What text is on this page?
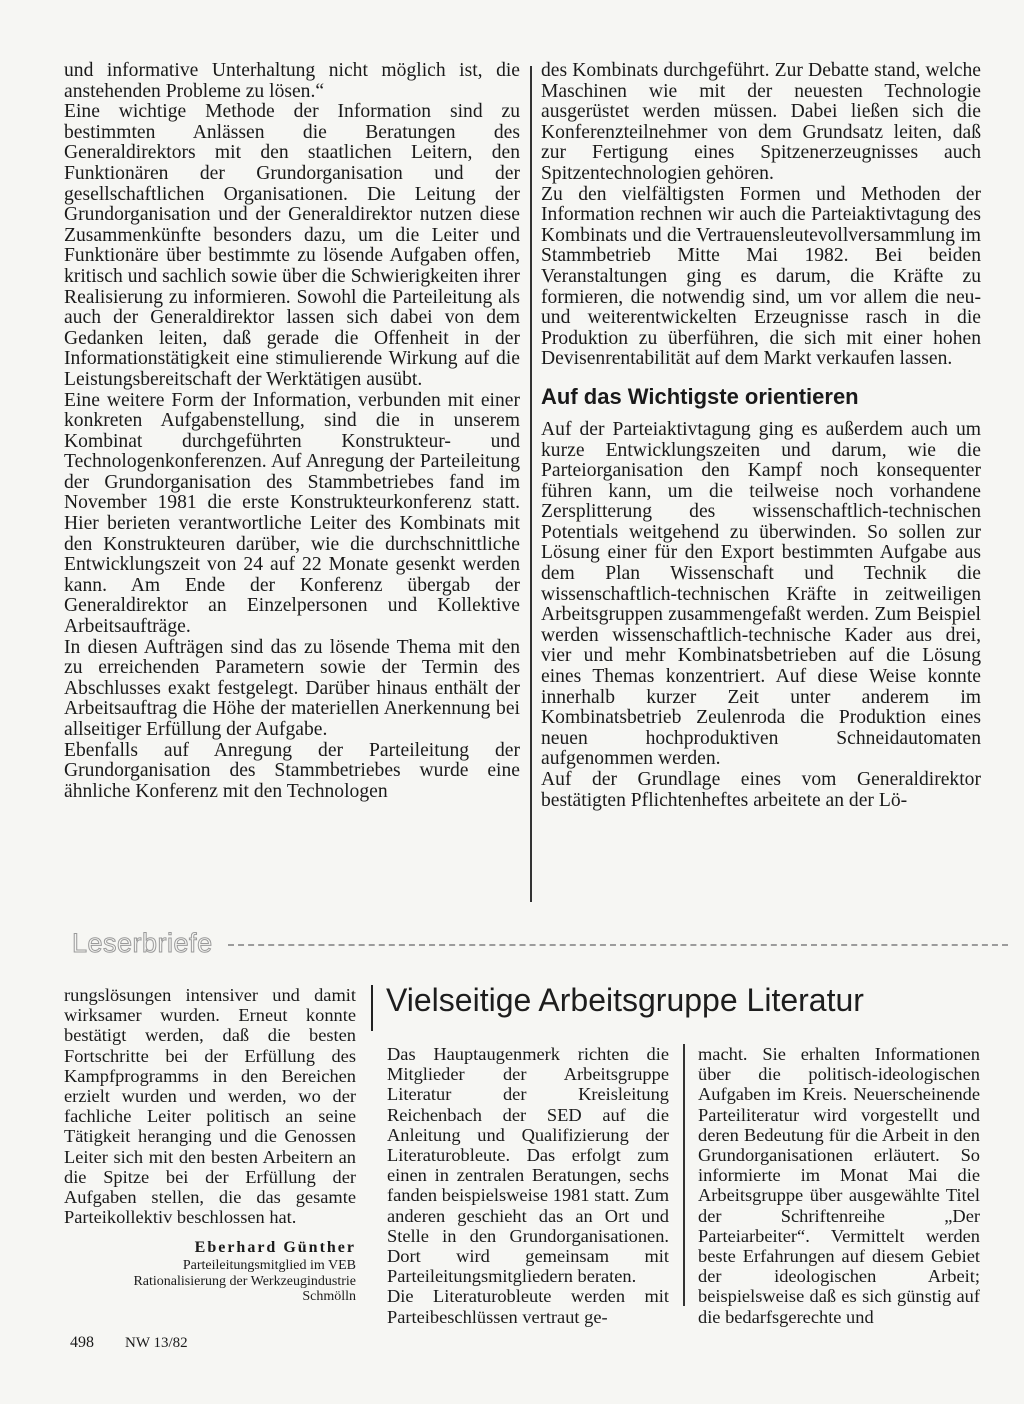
und informative Unterhaltung nicht möglich ist, die anstehenden Probleme zu lösen.“

Eine wichtige Methode der Information sind zu bestimmten Anlässen die Beratungen des Generaldirektors mit den staatlichen Leitern, den Funktionären der Grundorganisation und der gesellschaftlichen Organisationen. Die Leitung der Grundorganisation und der Generaldirektor nutzen diese Zusammenkünfte besonders dazu, um die Leiter und Funktionäre über bestimmte zu lösende Aufgaben offen, kritisch und sachlich sowie über die Schwierigkeiten ihrer Realisierung zu informieren. Sowohl die Parteileitung als auch der Generaldirektor lassen sich dabei von dem Gedanken leiten, daß gerade die Offenheit in der Informationstätigkeit eine stimulierende Wirkung auf die Leistungsbereitschaft der Werktätigen ausübt.

Eine weitere Form der Information, verbunden mit einer konkreten Aufgabenstellung, sind die in unserem Kombinat durchgeführten Konstrukteur- und Technologenkonferenzen. Auf Anregung der Parteileitung der Grundorganisation des Stammbetriebes fand im November 1981 die erste Konstrukteurkonferenz statt. Hier berieten verantwortliche Leiter des Kombinats mit den Konstrukteuren darüber, wie die durchschnittliche Entwicklungszeit von 24 auf 22 Monate gesenkt werden kann. Am Ende der Konferenz übergab der Generaldirektor an Einzelpersonen und Kollektive Arbeitsaufträge.

In diesen Aufträgen sind das zu lösende Thema mit den zu erreichenden Parametern sowie der Termin des Abschlusses exakt festgelegt. Darüber hinaus enthält der Arbeitsauftrag die Höhe der materiellen Anerkennung bei allseitiger Erfüllung der Aufgabe.

Ebenfalls auf Anregung der Parteileitung der Grundorganisation des Stammbetriebes wurde eine ähnliche Konferenz mit den Technologen

des Kombinats durchgeführt. Zur Debatte stand, welche Maschinen wie mit der neuesten Technologie ausgerüstet werden müssen. Dabei ließen sich die Konferenzteilnehmer von dem Grundsatz leiten, daß zur Fertigung eines Spitzenerzeugnisses auch Spitzentechnologien gehören.

Zu den vielfältigsten Formen und Methoden der Information rechnen wir auch die Parteiaktivtagung des Kombinats und die Vertrauensleutevollversammlung im Stammbetrieb Mitte Mai 1982. Bei beiden Veranstaltungen ging es darum, die Kräfte zu formieren, die notwendig sind, um vor allem die neu- und weiterentwickelten Erzeugnisse rasch in die Produktion zu überführen, die sich mit einer hohen Devisenrentabilität auf dem Markt verkaufen lassen.

Auf das Wichtigste orientieren

Auf der Parteiaktivtagung ging es außerdem auch um kurze Entwicklungszeiten und darum, wie die Parteiorganisation den Kampf noch konsequenter führen kann, um die teilweise noch vorhandene Zersplitterung des wissenschaftlich-technischen Potentials weitgehend zu überwinden. So sollen zur Lösung einer für den Export bestimmten Aufgabe aus dem Plan Wissenschaft und Technik die wissenschaftlich-technischen Kräfte in zeitweiligen Arbeitsgruppen zusammengefaßt werden. Zum Beispiel werden wissenschaftlich-technische Kader aus drei, vier und mehr Kombinatsbetrieben auf die Lösung eines Themas konzentriert. Auf diese Weise konnte innerhalb kurzer Zeit unter anderem im Kombinatsbetrieb Zeulenroda die Produktion eines neuen hochproduktiven Schneidautomaten aufgenommen werden.

Auf der Grundlage eines vom Generaldirektor bestätigten Pflichtenheftes arbeitete an der Lö-

Leserbriefe

rungslösungen intensiver und damit wirksamer wurden. Erneut konnte bestätigt werden, daß die besten Fortschritte bei der Erfüllung des Kampfprogramms in den Bereichen erzielt wurden und werden, wo der fachliche Leiter politisch an seine Tätigkeit heranging und die Genossen Leiter sich mit den besten Arbeitern an die Spitze bei der Erfüllung der Aufgaben stellen, die das gesamte Parteikollektiv beschlossen hat.

Eberhard Günther
Parteileitungsmitglied im VEB
Rationalisierung der Werkzeugindustrie
Schmölln
Vielseitige Arbeitsgruppe Literatur

Das Hauptaugenmerk richten die Mitglieder der Arbeitsgruppe Literatur der Kreisleitung Reichenbach der SED auf die Anleitung und Qualifizierung der Literaturobleute. Das erfolgt zum einen in zentralen Beratungen, sechs fanden beispielsweise 1981 statt. Zum anderen geschieht das an Ort und Stelle in den Grundorganisationen. Dort wird gemeinsam mit Parteileitungsmitgliedern beraten.

Die Literaturobleute werden mit Parteibeschlüssen vertraut ge-

macht. Sie erhalten Informationen über die politisch-ideologischen Aufgaben im Kreis. Neuerscheinende Parteiliteratur wird vorgestellt und deren Bedeutung für die Arbeit in den Grundorganisationen erläutert. So informierte im Monat Mai die Arbeitsgruppe über ausgewählte Titel der Schriftenreihe „Der Parteiarbeiter“. Vermittelt werden beste Erfahrungen auf diesem Gebiet der ideologischen Arbeit; beispielsweise daß es sich günstig auf die bedarfsgerechte und

498 NW 13/82
